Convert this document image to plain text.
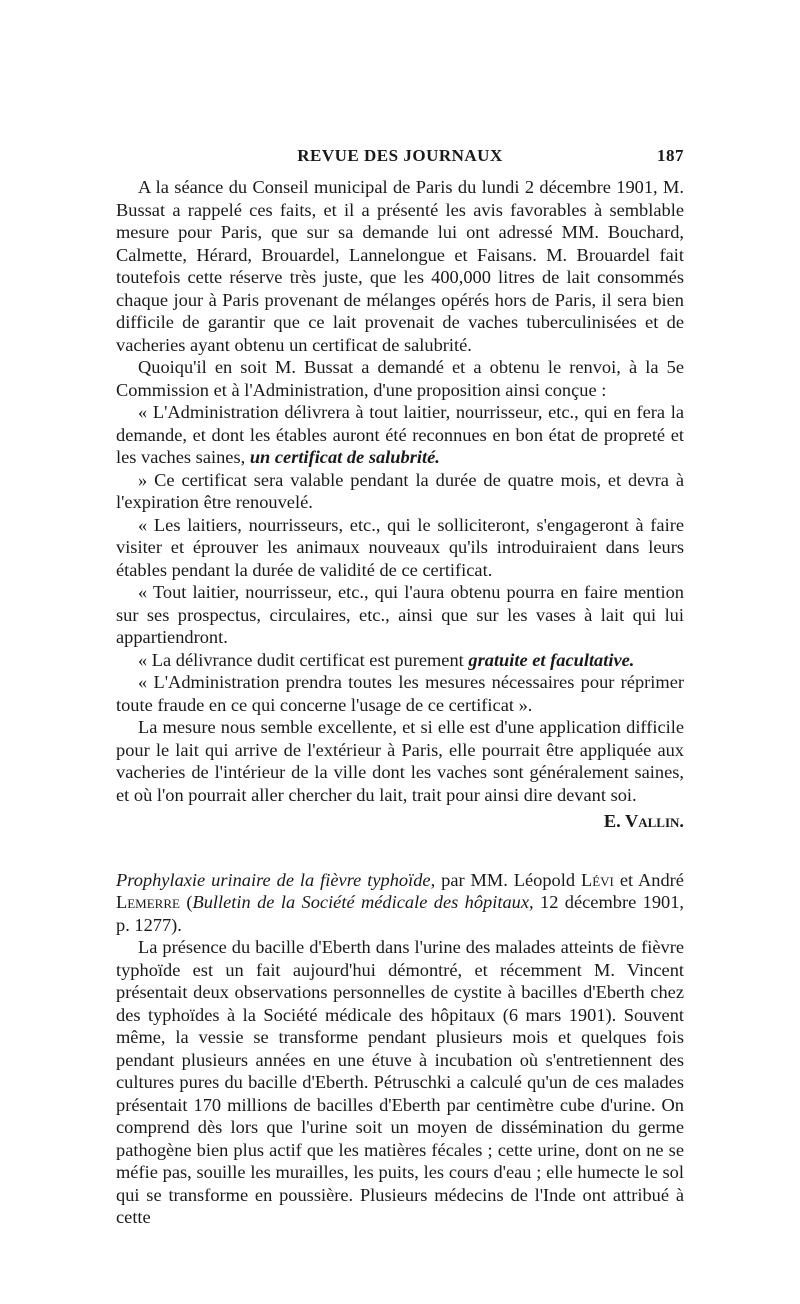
REVUE DES JOURNAUX	187

A la séance du Conseil municipal de Paris du lundi 2 décembre 1901, M. Bussat a rappelé ces faits, et il a présenté les avis favorables à semblable mesure pour Paris, que sur sa demande lui ont adressé MM. Bouchard, Calmette, Hérard, Brouardel, Lannelongue et Faisans. M. Brouardel fait toutefois cette réserve très juste, que les 400,000 litres de lait consommés chaque jour à Paris provenant de mélanges opérés hors de Paris, il sera bien difficile de garantir que ce lait provenait de vaches tuberculinisées et de vacheries ayant obtenu un certificat de salubrité.

Quoiqu'il en soit M. Bussat a demandé et a obtenu le renvoi, à la 5e Commission et à l'Administration, d'une proposition ainsi conçue :

« L'Administration délivrera à tout laitier, nourrisseur, etc., qui en fera la demande, et dont les étables auront été reconnues en bon état de propreté et les vaches saines, un certificat de salubrité.

» Ce certificat sera valable pendant la durée de quatre mois, et devra à l'expiration être renouvelé.

« Les laitiers, nourrisseurs, etc., qui le solliciteront, s'engageront à faire visiter et éprouver les animaux nouveaux qu'ils introduiraient dans leurs étables pendant la durée de validité de ce certificat.

« Tout laitier, nourrisseur, etc., qui l'aura obtenu pourra en faire mention sur ses prospectus, circulaires, etc., ainsi que sur les vases à lait qui lui appartiendront.

« La délivrance dudit certificat est purement gratuite et facultative.

« L'Administration prendra toutes les mesures nécessaires pour réprimer toute fraude en ce qui concerne l'usage de ce certificat ».

La mesure nous semble excellente, et si elle est d'une application difficile pour le lait qui arrive de l'extérieur à Paris, elle pourrait être appliquée aux vacheries de l'intérieur de la ville dont les vaches sont généralement saines, et où l'on pourrait aller chercher du lait, trait pour ainsi dire devant soi.

E. Vallin.

Prophylaxie urinaire de la fièvre typhoïde, par MM. Léopold Lévi et André Lemerre (Bulletin de la Société médicale des hôpitaux, 12 décembre 1901, p. 1277).

La présence du bacille d'Eberth dans l'urine des malades atteints de fièvre typhoïde est un fait aujourd'hui démontré, et récemment M. Vincent présentait deux observations personnelles de cystite à bacilles d'Eberth chez des typhoïdes à la Société médicale des hôpitaux (6 mars 1901). Souvent même, la vessie se transforme pendant plusieurs mois et quelques fois pendant plusieurs années en une étuve à incubation où s'entretiennent des cultures pures du bacille d'Eberth. Pétruschki a calculé qu'un de ces malades présentait 170 millions de bacilles d'Eberth par centimètre cube d'urine. On comprend dès lors que l'urine soit un moyen de dissémination du germe pathogène bien plus actif que les matières fécales ; cette urine, dont on ne se méfie pas, souille les murailles, les puits, les cours d'eau ; elle humecte le sol qui se transforme en poussière. Plusieurs médecins de l'Inde ont attribué à cette
